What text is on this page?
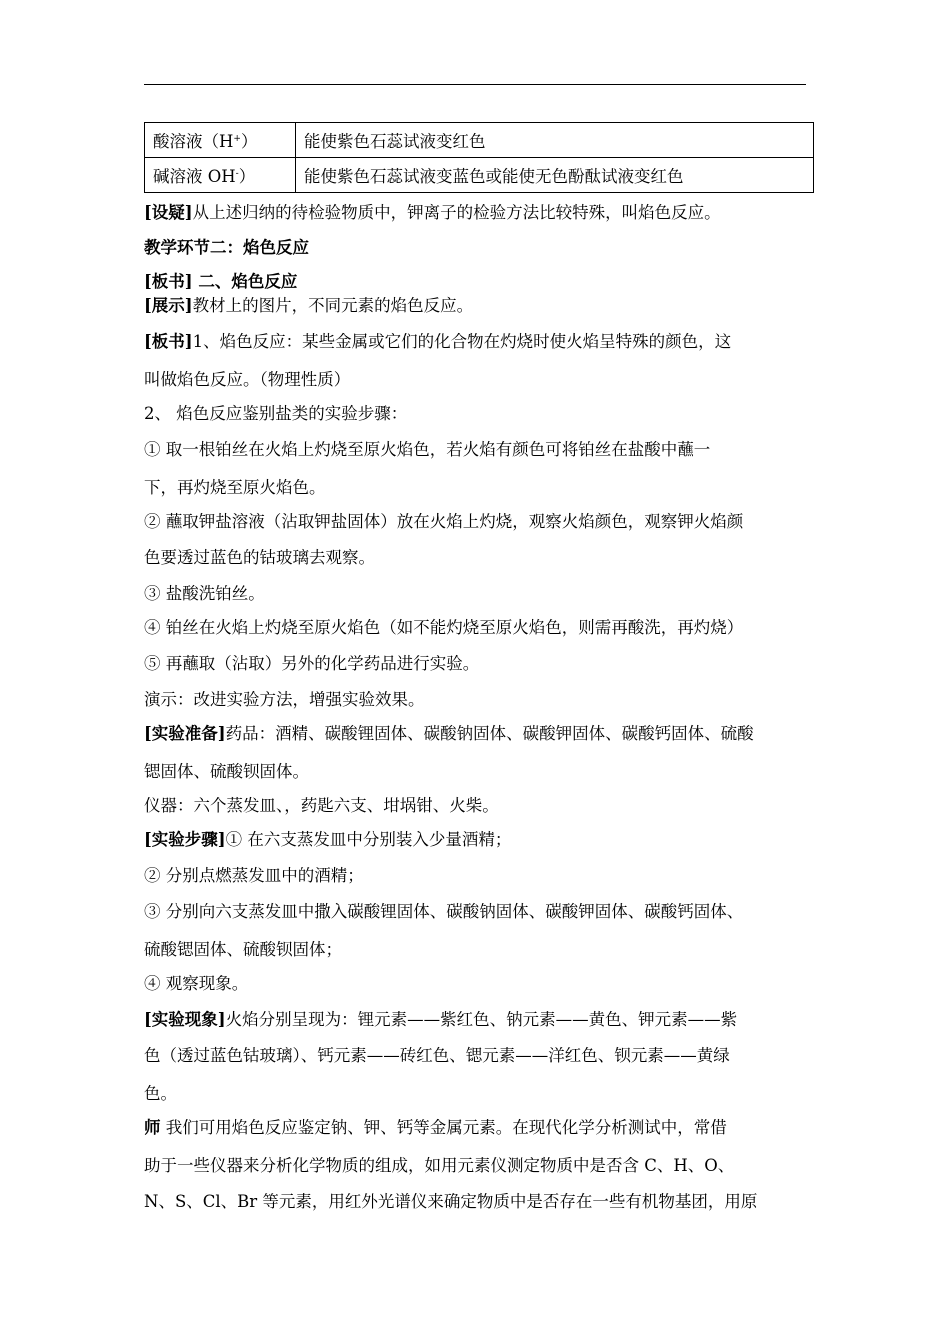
酸溶液（H+）	能使紫色石蕊试液变红色
碱溶液 OH-）	能使紫色石蕊试液变蓝色或能使无色酚酞试液变红色
[设疑]从上述归纳的待检验物质中，钾离子的检验方法比较特殊，叫焰色反应。
教学环节二：焰色反应
[板书] 二、焰色反应
[展示]教材上的图片，不同元素的焰色反应。
[板书]1、焰色反应：某些金属或它们的化合物在灼烧时使火焰呈特殊的颜色，这
叫做焰色反应。（物理性质）
2、 焰色反应鉴别盐类的实验步骤：
① 取一根铂丝在火焰上灼烧至原火焰色，若火焰有颜色可将铂丝在盐酸中蘸一
下，再灼烧至原火焰色。
② 蘸取钾盐溶液（沾取钾盐固体）放在火焰上灼烧，观察火焰颜色，观察钾火焰颜
色要透过蓝色的钴玻璃去观察。
③ 盐酸洗铂丝。
④ 铂丝在火焰上灼烧至原火焰色（如不能灼烧至原火焰色，则需再酸洗，再灼烧）
⑤ 再蘸取（沾取）另外的化学药品进行实验。
演示：改进实验方法，增强实验效果。
[实验准备]药品：酒精、碳酸锂固体、碳酸钠固体、碳酸钾固体、碳酸钙固体、硫酸
锶固体、硫酸钡固体。
仪器：六个蒸发皿、，药匙六支、坩埚钳、火柴。
[实验步骤]① 在六支蒸发皿中分别装入少量酒精；
② 分别点燃蒸发皿中的酒精；
③ 分别向六支蒸发皿中撒入碳酸锂固体、碳酸钠固体、碳酸钾固体、碳酸钙固体、
硫酸锶固体、硫酸钡固体；
④ 观察现象。
[实验现象]火焰分别呈现为：锂元素——紫红色、钠元素——黄色、钾元素——紫
色（透过蓝色钴玻璃）、钙元素——砖红色、锶元素——洋红色、钡元素——黄绿
色。
师 我们可用焰色反应鉴定钠、钾、钙等金属元素。在现代化学分析测试中，常借
助于一些仪器来分析化学物质的组成，如用元素仪测定物质中是否含 C、H、O、
N、S、Cl、Br 等元素，用红外光谱仪来确定物质中是否存在一些有机物基团，用原
